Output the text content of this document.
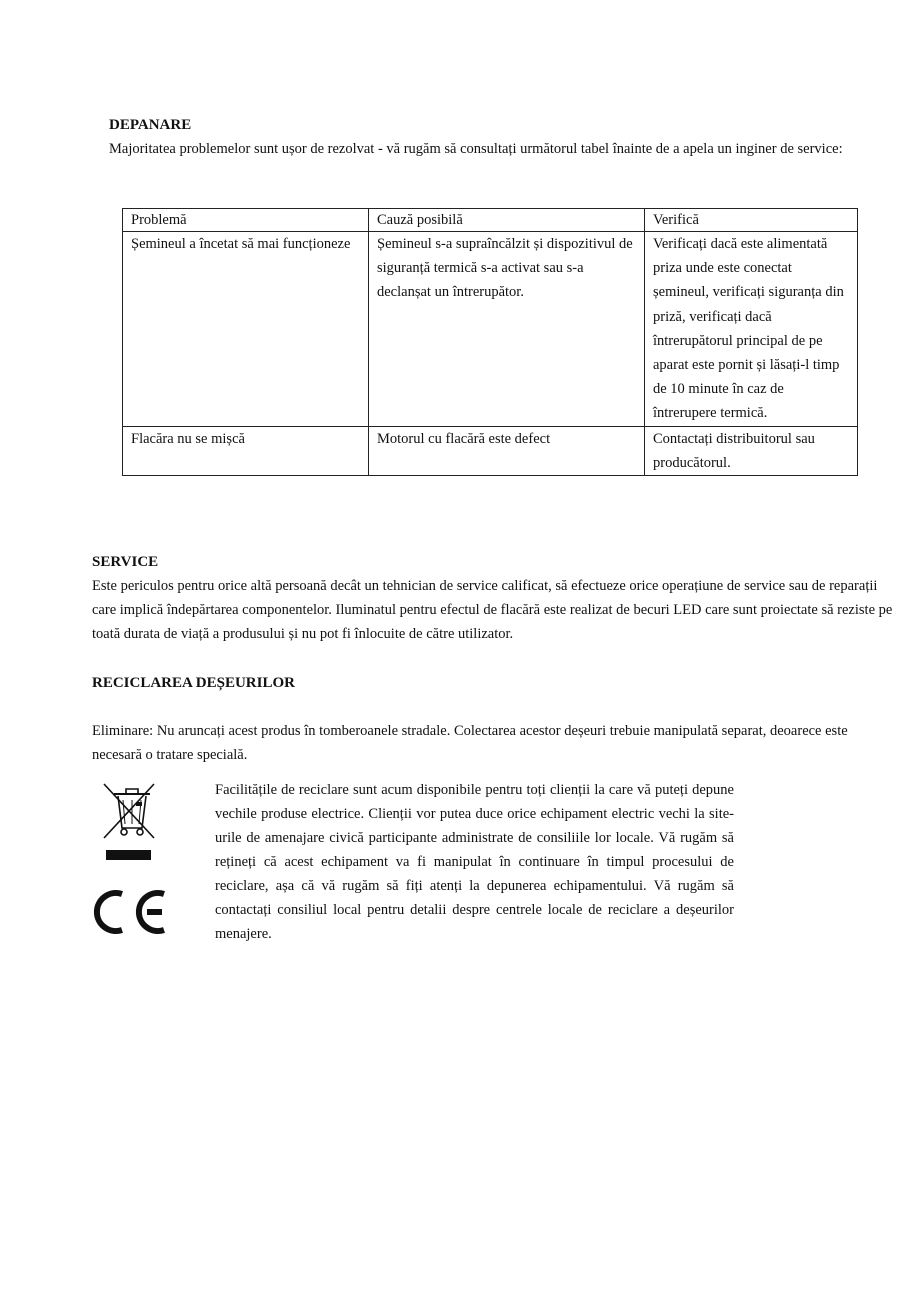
DEPANARE

Majoritatea problemelor sunt ușor de rezolvat - vă rugăm să consultați următorul tabel înainte de a apela un inginer de service:

Problemă	Cauză posibilă	Verifică
Șemineul a încetat să mai funcționeze	Șemineul s-a supraîncălzit și dispozitivul de siguranță termică s-a activat sau s-a declanșat un întrerupător.	Verificați dacă este alimentată priza unde este conectat șemineul, verificați siguranța din priză, verificați dacă întrerupătorul principal de pe aparat este pornit și lăsați-l timp de 10 minute în caz de întrerupere termică.
Flacăra nu se mișcă	Motorul cu flacără este defect	Contactați distribuitorul sau producătorul.
SERVICE

Este periculos pentru orice altă persoană decât un tehnician de service calificat, să efectueze orice operațiune de service sau de reparații care implică îndepărtarea componentelor. Iluminatul pentru efectul de flacără este realizat de becuri LED care sunt proiectate să reziste pe toată durata de viață a produsului și nu pot fi înlocuite de către utilizator.

RECICLAREA DEȘEURILOR

Eliminare: Nu aruncați acest produs în tomberoanele stradale. Colectarea acestor deșeuri trebuie manipulată separat, deoarece este necesară o tratare specială.

Facilitățile de reciclare sunt acum disponibile pentru toți clienții la care vă puteți depune vechile produse electrice. Clienții vor putea duce orice echipament electric vechi la site-urile de amenajare civică participante administrate de consiliile lor locale. Vă rugăm să rețineți că acest echipament va fi manipulat în continuare în timpul procesului de reciclare, așa că vă rugăm să fiți atenți la depunerea echipamentului. Vă rugăm să contactați consiliul local pentru detalii despre centrele locale de reciclare a deșeurilor menajere.
